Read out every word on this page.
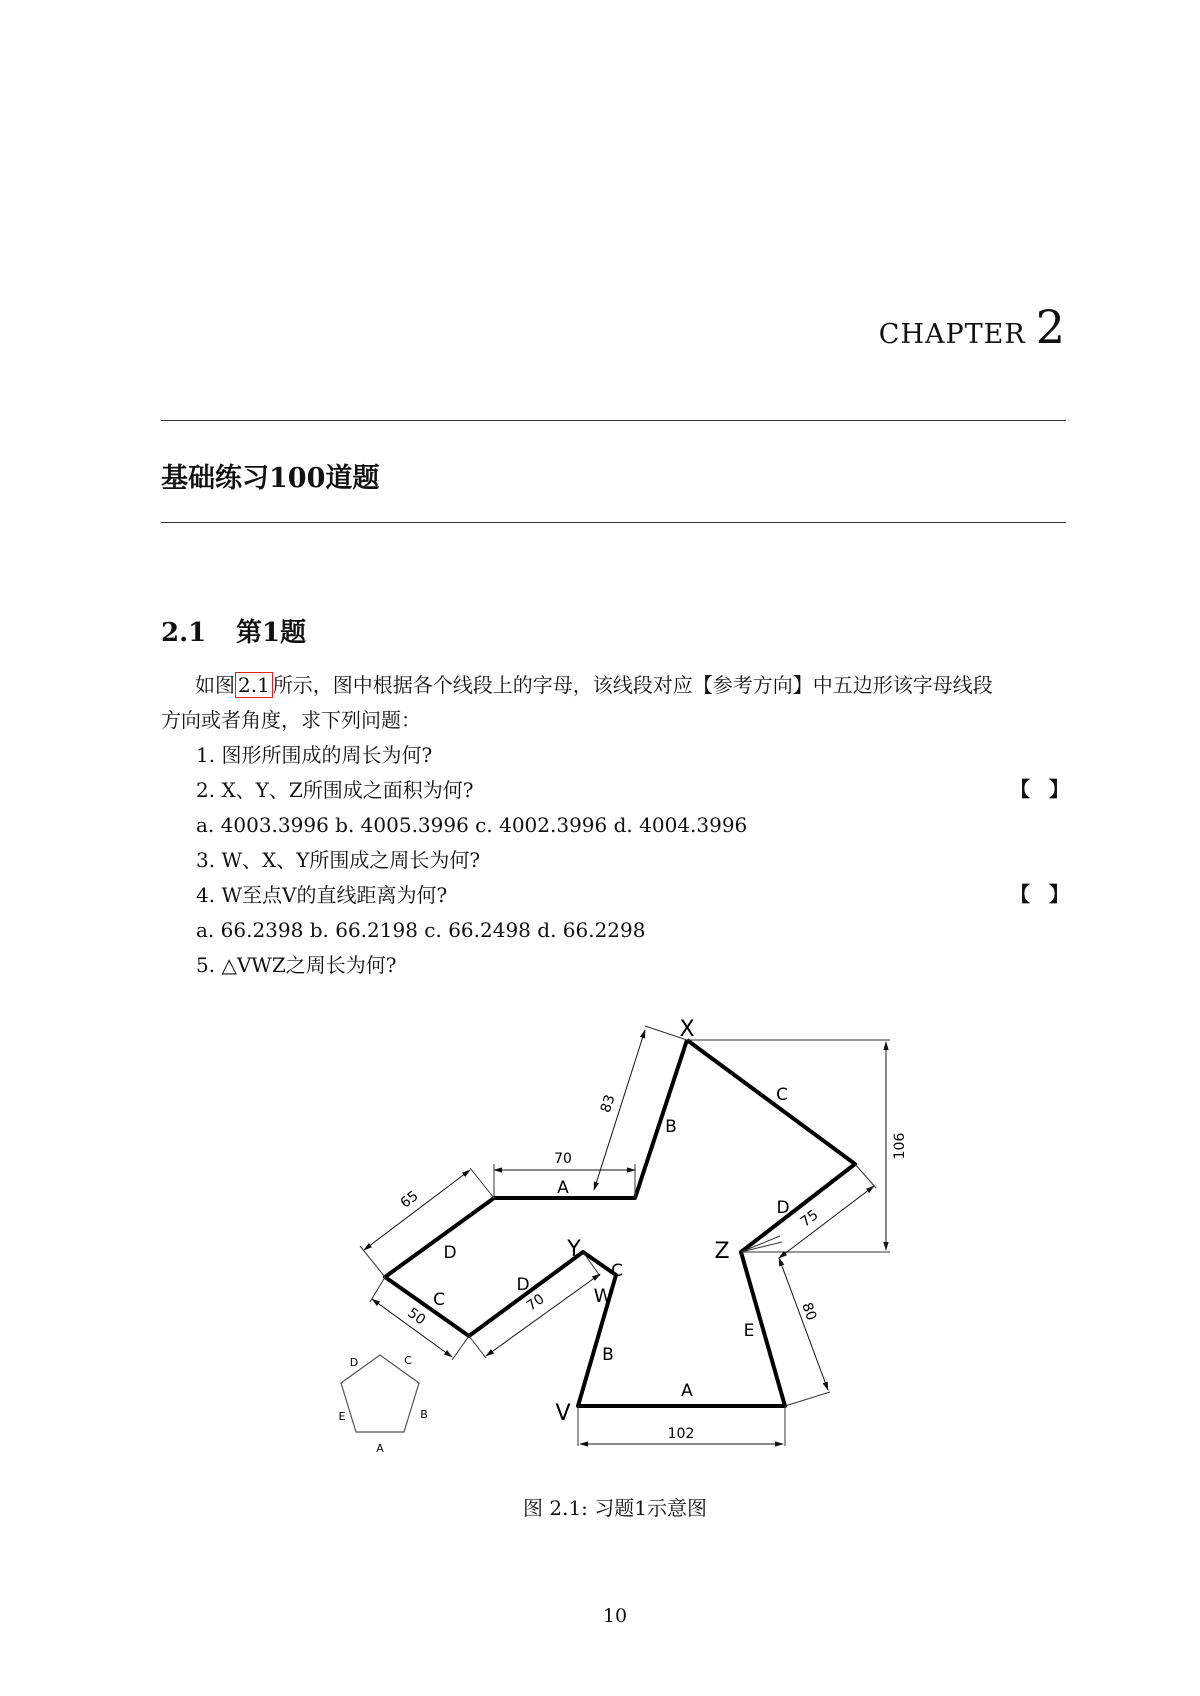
CHAPTER 2
基础练习100道题
2.1 第1题
如图 2.1 所示，图中根据各个线段上的字母，该线段对应【参考方向】中五边形该字母线段
方向或者角度，求下列问题：
1. 图形所围成的周长为何?
2. X、Y、Z所围成之面积为何?	【 】
a. 4003.3996 b. 4005.3996 c. 4002.3996 d. 4004.3996
3. W、X、Y所围成之周长为何?
4. W至点V的直线距离为何?	【 】
a. 66.2398 b. 66.2198 c. 66.2498 d. 66.2298
5. △VWZ之周长为何?
X
Y	Z
W
V
A
B
C
D
D
C
D
C
B
A
E
83
70
65
50
70
106
75
80
102
A
B
C
D
E
图 2.1: 习题1示意图
10
